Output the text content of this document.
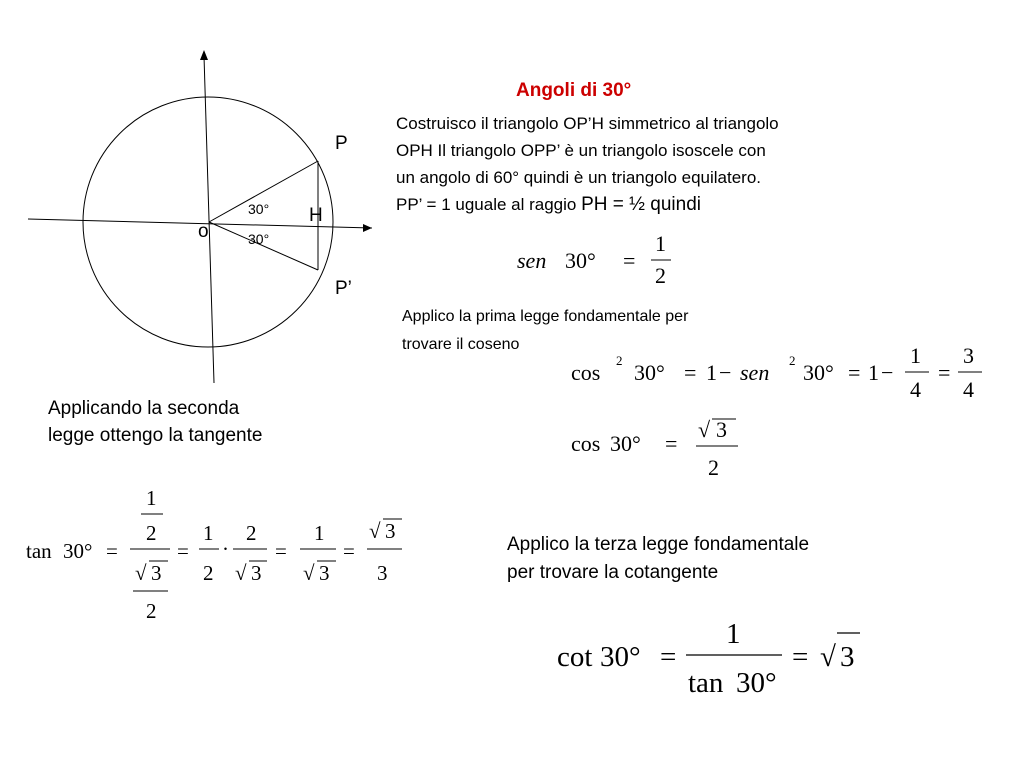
Angoli di 30°
Costruisco il triangolo OP’H simmetrico al triangolo
OPH Il triangolo OPP’ è un triangolo isoscele con
un angolo di 60° quindi è un triangolo equilatero.
PP’ = 1 uguale al raggio PH = ½ quindi
Applico la prima legge fondamentale per
trovare il coseno
Applicando la seconda
legge ottengo la tangente
Applico la terza legge fondamentale
per trovare la cotangente
P
H
o
P’
30°
30°
sen 30° =
1
2
cos 2 30° = 1 − sen 2 30° = 1 −
1
4
=
3
4
cos 30° =
√ 3
2
tan 30° =
1
2
√ 3
2
=
1
2
·
2
√ 3
=
1
√ 3
=
√ 3
3
cot 30° =
1
tan 30°
= √ 3
